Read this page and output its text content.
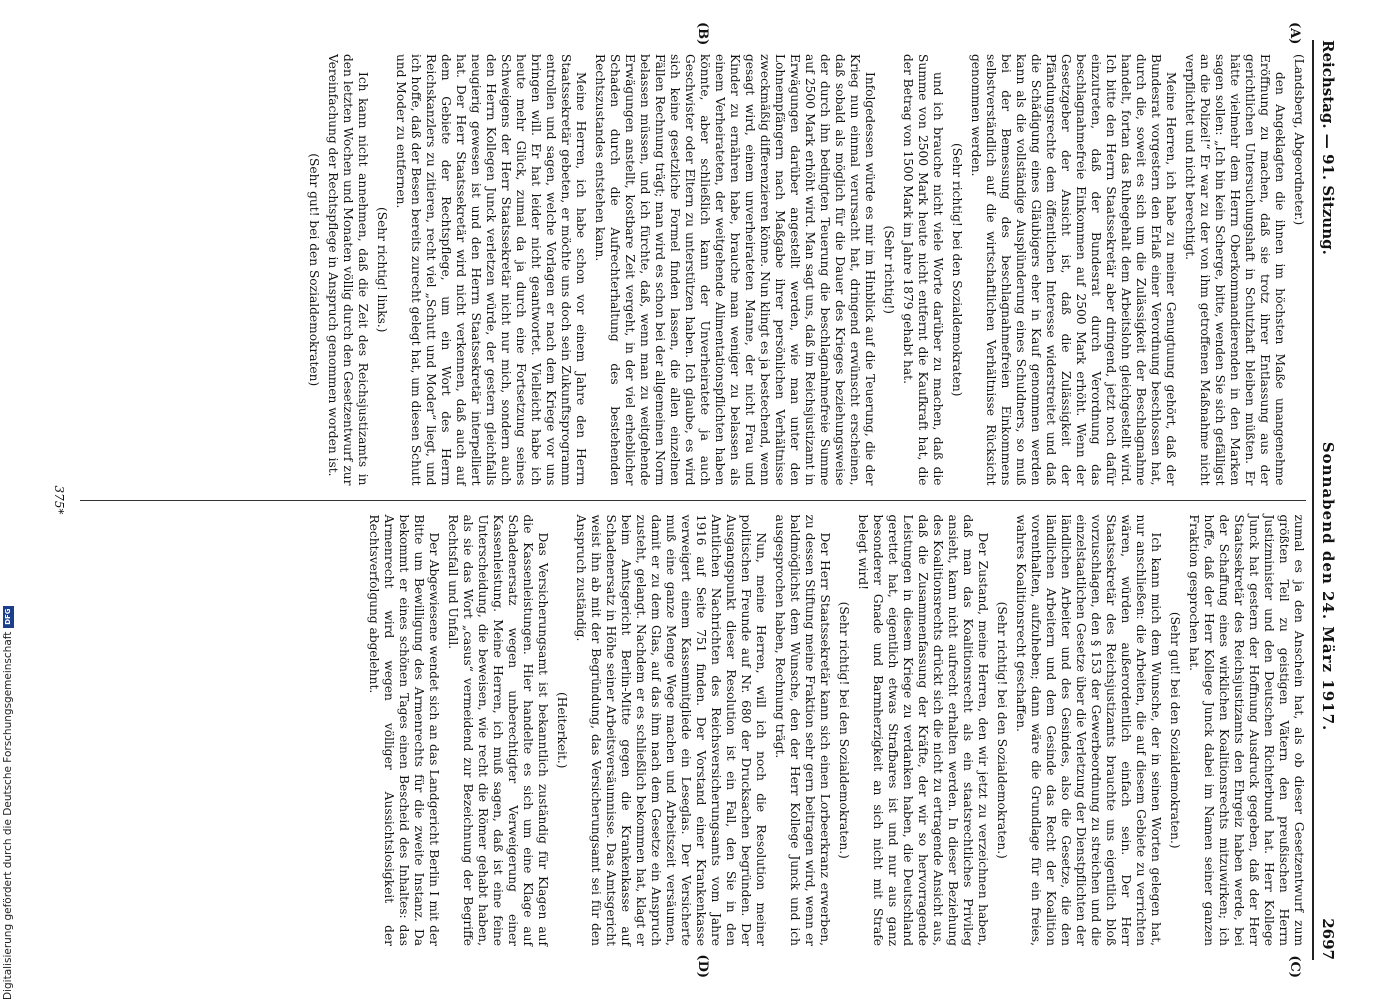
Reichstag. — 91. Sitzung.
Sonnabend den 24. März 1917.
2697
(A)
(B)
(C)
(D)

(Landsberg, Abgeordneter.)

den Angeklagten die ihnen im höchsten Maße unangenehme Eröffnung zu machen, daß sie trotz ihrer Entlassung aus der gerichtlichen Untersuchungshaft in Schutzhaft bleiben müßten. Er hätte vielmehr dem Herrn Oberkommandierenden in den Marken sagen sollen: „Ich bin kein Scherge, bitte, wenden Sie sich gefälligst an die Polizei!“ Er war zu der von ihm getroffenen Maßnahme nicht verpflichtet und nicht berechtigt.

Meine Herren, ich habe zu meiner Genugtuung gehört, daß der Bundesrat vorgestern den Erlaß einer Verordnung beschlossen hat, durch die, soweit es sich um die Zulässigkeit der Beschlagnahme handelt, fortan das Ruhegehalt dem Arbeitslohn gleichgestellt wird. Ich bitte den Herrn Staatssekretär aber dringend, jetzt noch dafür einzutreten, daß der Bundesrat durch Verordnung das beschlagnahmefreie Einkommen auf 2500 Mark erhöht. Wenn der Gesetzgeber der Ansicht ist, daß die Zulässigkeit der Pfändungsrechte dem öffentlichen Interesse widerstreitet und daß die Schädigung eines Gläubigers eher in Kauf genommen werden kann als die vollständige Ausplünderung eines Schuldners, so muß bei der Bemessung des beschlagnahmefreien Einkommens selbstverständlich auf die wirtschaftlichen Verhältnisse Rücksicht genommen werden.

(Sehr richtig! bei den Sozialdemokraten)

und ich brauche nicht viele Worte darüber zu machen, daß die Summe von 2500 Mark heute nicht entfernt die Kaufkraft hat, die der Betrag von 1500 Mark im Jahre 1879 gehabt hat.

(Sehr richtig!)

Infolgedessen würde es mir im Hinblick auf die Teuerung, die der Krieg nun einmal verursacht hat, dringend erwünscht erscheinen, daß sobald als möglich für die Dauer des Krieges beziehungsweise der durch ihn bedingten Teuerung die beschlagnahmefreie Summe auf 2500 Mark erhöht wird. Man sagt uns, daß im Reichsjustizamt in Erwägungen darüber angestellt werden, wie man unter den Lohnempfängern nach Maßgabe ihrer persönlichen Verhältnisse zweckmäßig differenzieren könne. Nun klingt es ja bestechend, wenn gesagt wird, einem unverheirateten Manne, der nicht Frau und Kinder zu ernähren habe, brauche man weniger zu belassen als einem Verheirateten, der weitgehende Alimentationspflichten haben könnte, aber schließlich kann der Unverheiratete ja auch Geschwister oder Eltern zu unterstützen haben. Ich glaube, es wird sich keine gesetzliche Formel finden lassen, die allen einzelnen Fällen Rechnung trägt; man wird es schon bei der allgemeinen Norm belassen müssen, und ich fürchte, daß, wenn man zu weitgehende Erwägungen anstellt, kostbare Zeit vergeht, in der viel erheblicher Schaden durch die Aufrechterhaltung des bestehenden Rechtszustandes entstehen kann.

Meine Herren, ich habe schon vor einem Jahre den Herrn Staatssekretär gebeten, er möchte uns doch sein Zukunftsprogramm entrollen und sagen, welche Vorlagen er nach dem Kriege vor uns bringen will. Er hat leider nicht geantwortet. Vielleicht habe ich heute mehr Glück, zumal da ja durch eine Fortsetzung seines Schweigens der Herr Staatssekretär nicht nur mich, sondern auch den Herrn Kollegen Junck verletzen würde, der gestern gleichfalls neugierig gewesen ist und den Herrn Staatssekretär interpelliert hat. Der Herr Staatssekretär wird nicht verkennen, daß auch auf dem Gebiete der Rechtspflege, um ein Wort des Herrn Reichskanzlers zu zitieren, recht viel „Schutt und Moder“ liegt, und ich hoffe, daß der Besen bereits zurecht gelegt hat, um diesen Schutt und Moder zu entfernen.

(Sehr richtig! links.)

Ich kann nicht annehmen, daß die Zeit des Reichsjustizamts in den letzten Wochen und Monaten völlig durch den Gesetzentwurf zur Vereinfachung der Rechtspflege in Anspruch genommen worden ist.

(Sehr gut! bei den Sozialdemokraten)

zumal es ja den Anschein hat, als ob dieser Gesetzentwurf zum größten Teil zu geistigen Vätern den preußischen Herrn Justizminister und den Deutschen Richterbund hat. Herr Kollege Junck hat gestern der Hoffnung Ausdruck gegeben, daß der Herr Staatssekretär des Reichsjustizamts den Ehrgeiz haben werde, bei der Schaffung eines wirklichen Koalitionsrechts mitzuwirken; ich hoffe, daß der Herr Kollege Junck dabei im Namen seiner ganzen Fraktion gesprochen hat.

(Sehr gut! bei den Sozialdemokraten.)

Ich kann mich dem Wunsche, der in seinen Worten gelegen hat, nur anschließen: die Arbeiten, die auf diesem Gebiete zu verrichten wären, würden außerordentlich einfach sein. Der Herr Staatssekretär des Reichsjustizamts brauchte uns eigentlich bloß vorzuschlagen, den § 153 der Gewerbeordnung zu streichen und die einzelstaatlichen Gesetze über die Verletzung der Dienstpflichten der ländlichen Arbeiter und des Gesindes, also die Gesetze, die den ländlichen Arbeitern und dem Gesinde das Recht der Koalition vorenthalten, aufzuheben; dann wäre die Grundlage für ein freies, wahres Koalitionsrecht geschaffen.

(Sehr richtig! bei den Sozialdemokraten.)

Der Zustand, meine Herren, den wir jetzt zu verzeichnen haben, daß man das Koalitionsrecht als ein staatsrechtliches Privileg ansieht, kann nicht aufrecht erhalten werden. In dieser Beziehung des Koalitionsrechts drückt sich die nicht zu ertragende Ansicht aus, daß die Zusammenfassung der Kräfte, der wir so hervorragende Leistungen in diesem Kriege zu verdanken haben, die Deutschland gerettet hat, eigentlich etwas Strafbares ist und nur aus ganz besonderer Gnade und Barmherzigkeit an sich nicht mit Strafe belegt wird!

(Sehr richtig! bei den Sozialdemokraten.)

Der Herr Staatssekretär kann sich einen Lorbeerkranz erwerben, zu dessen Stiftung meine Fraktion sehr gern beitragen wird, wenn er baldmöglichst dem Wunsche, den der Herr Kollege Junck und ich ausgesprochen haben, Rechnung trägt.

Nun, meine Herren, will ich noch die Resolution meiner politischen Freunde auf Nr. 680 der Drucksachen begründen. Der Ausgangspunkt dieser Resolution ist ein Fall, den Sie in den Amtlichen Nachrichten des Reichsversicherungsamts vom Jahre 1916 auf Seite 751 finden. Der Vorstand einer Krankenkasse verweigert einem Kassenmitgliede ein Leseglas. Der Versicherte muß eine ganze Menge Wege machen und Arbeitszeit versäumen, damit er zu dem Glas, auf das ihm nach dem Gesetze ein Anspruch zusteht, gelangt. Nachdem er es schließlich bekommen hat, klagt er beim Amtsgericht Berlin-Mitte gegen die Krankenkasse auf Schadenersatz in Höhe seiner Arbeitsversäumnisse. Das Amtsgericht weist ihn ab mit der Begründung, das Versicherungsamt sei für den Anspruch zuständig.

(Heiterkeit.)

Das Versicherungsamt ist bekanntlich zuständig für Klagen auf die Kassenleistungen. Hier handelte es sich um eine Klage auf Schadenersatz wegen unberechtigter Verweigerung einer Kassenleistung. Meine Herren, ich muß sagen, daß ist eine feine Unterscheidung, die beweisen, wie recht die Römer gehabt haben, als sie das Wort „casus“ vermeidend zur Bezeichnung der Begriffe Rechtsfall und Unfall.

Der Abgewiesene wendet sich an das Landgericht Berlin I mit der Bitte um Bewilligung des Armenrechts für die zweite Instanz. Da bekommt er eines schönen Tages einen Bescheid des Inhaltes: das Armenrecht wird wegen völliger Aussichtslosigkeit der Rechtsverfolgung abgelehnt.

375*
Digitalisierung gefördert durch die Deutsche Forschungsgemeinschaft
DFG
